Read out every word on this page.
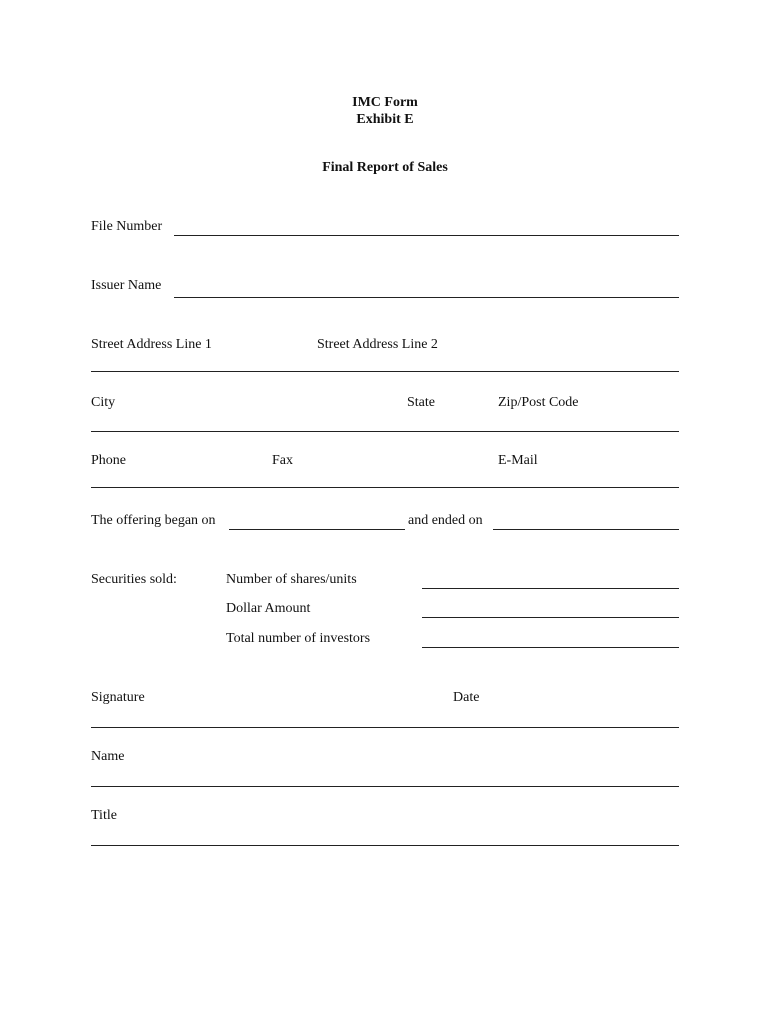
IMC Form
Exhibit E
Final Report of Sales
File Number
Issuer Name
Street Address Line 1	Street Address Line 2
City	State	Zip/Post Code
Phone	Fax	E-Mail
The offering began on	and ended on
Securities sold:	Number of shares/units
Dollar Amount
Total number of investors
Signature	Date
Name
Title
